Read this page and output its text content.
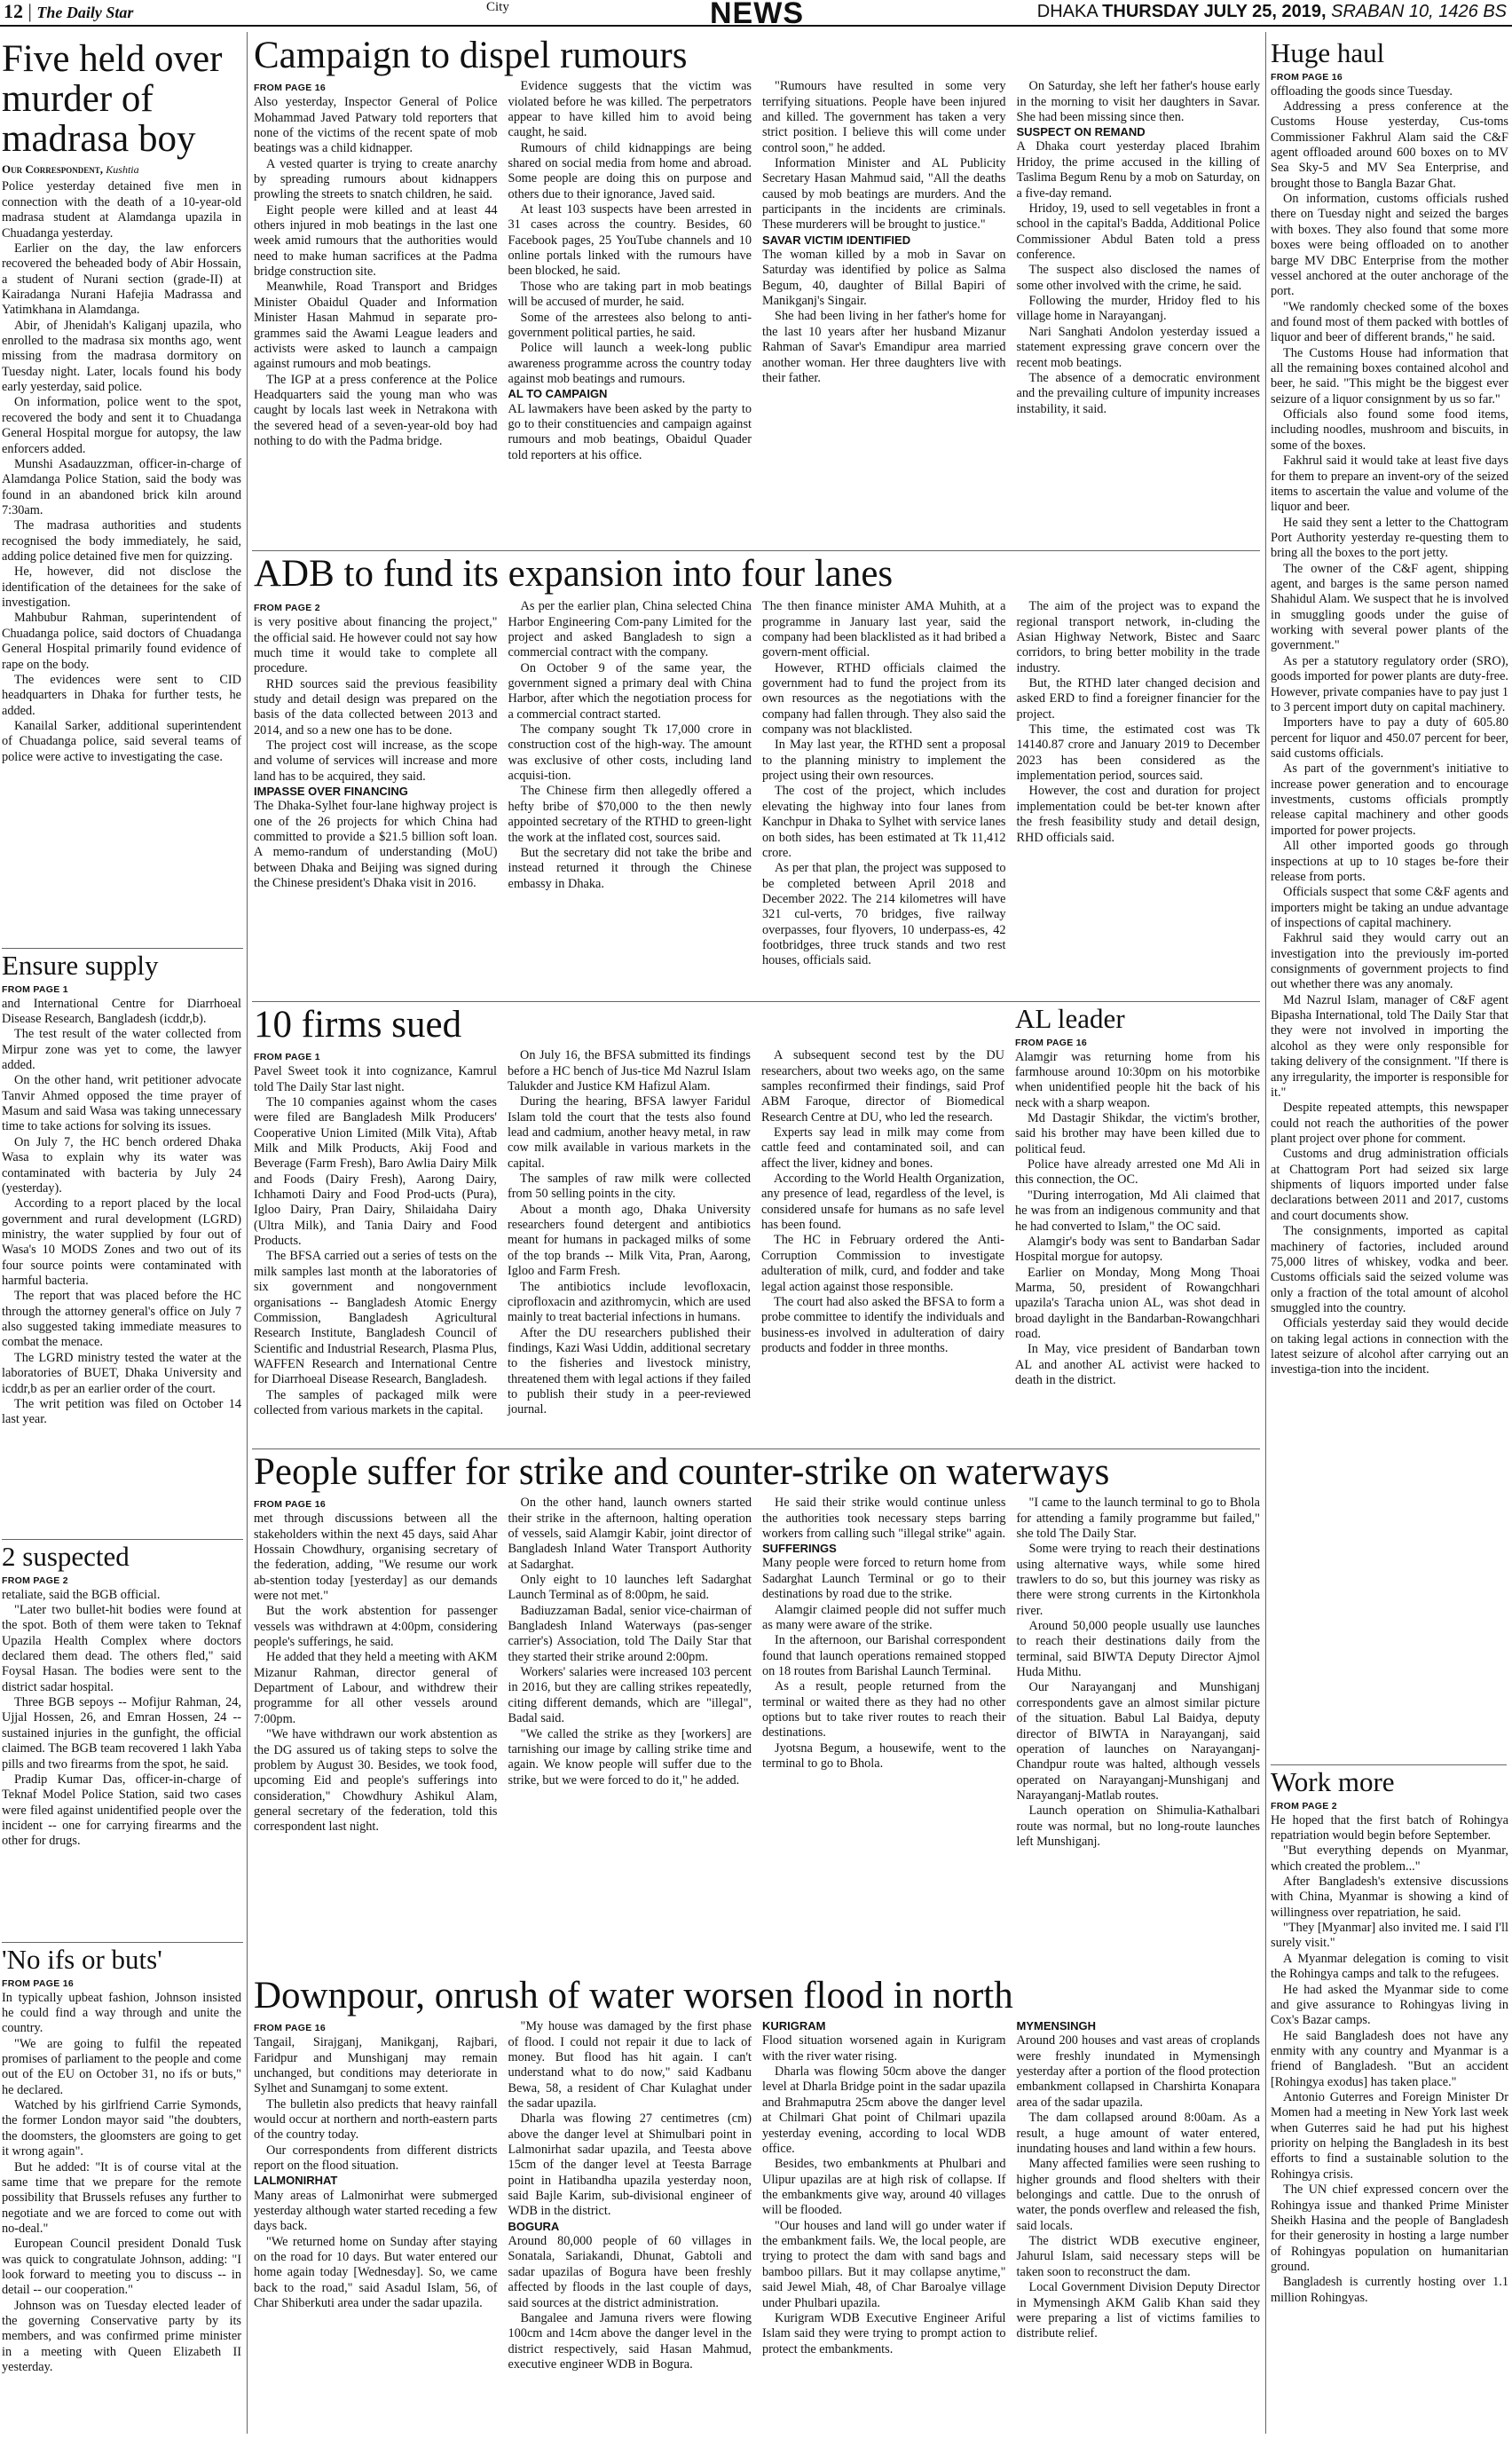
12 | The Daily Star	City	NEWS	DHAKA THURSDAY JULY 25, 2019, SRABAN 10, 1426 BS
Five held over murder of madrasa boy
Our Correspondent, Kushtia

Police yesterday detained five men in connection with the death of a 10-year-old madrasa student at Alamdanga upazila in Chuadanga yesterday.

Earlier on the day, the law enforcers recovered the beheaded body of Abir Hossain, a student of Nurani section (grade-II) at Kairadanga Nurani Hafejia Madrassa and Yatimkhana in Alamdanga.

Abir, of Jhenidah's Kaliganj upazila, who enrolled to the madrasa six months ago, went missing from the madrasa dormitory on Tuesday night. Later, locals found his body early yesterday, said police.

On information, police went to the spot, recovered the body and sent it to Chuadanga General Hospital morgue for autopsy, the law enforcers added.

Munshi Asadauzzman, officer-in-charge of Alamdanga Police Station, said the body was found in an abandoned brick kiln around 7:30am.

The madrasa authorities and students recognised the body immediately, he said, adding police detained five men for quizzing.

He, however, did not disclose the identification of the detainees for the sake of investigation.

Mahbubur Rahman, superintendent of Chuadanga police, said doctors of Chuadanga General Hospital primarily found evidence of rape on the body.

The evidences were sent to CID headquarters in Dhaka for further tests, he added.

Kanailal Sarker, additional superintendent of Chuadanga police, said several teams of police were active to investigating the case.

Ensure supply
FROM PAGE 1

and International Centre for Diarrhoeal Disease Research, Bangladesh (icddr,b).

The test result of the water collected from Mirpur zone was yet to come, the lawyer added.

On the other hand, writ petitioner advocate Tanvir Ahmed opposed the time prayer of Masum and said Wasa was taking unnecessary time to take actions for solving its issues.

On July 7, the HC bench ordered Dhaka Wasa to explain why its water was contaminated with bacteria by July 24 (yesterday).

According to a report placed by the local government and rural development (LGRD) ministry, the water supplied by four out of Wasa's 10 MODS Zones and two out of its four source points were contaminated with harmful bacteria.

The report that was placed before the HC through the attorney general's office on July 7 also suggested taking immediate measures to combat the menace.

The LGRD ministry tested the water at the laboratories of BUET, Dhaka University and icddr,b as per an earlier order of the court.

The writ petition was filed on October 14 last year.

2 suspected
FROM PAGE 2

retaliate, said the BGB official.

"Later two bullet-hit bodies were found at the spot. Both of them were taken to Teknaf Upazila Health Complex where doctors declared them dead. The others fled," said Foysal Hasan. The bodies were sent to the district sadar hospital.

Three BGB sepoys -- Mofijur Rahman, 24, Ujjal Hossen, 26, and Emran Hossen, 24 -- sustained injuries in the gunfight, the official claimed. The BGB team recovered 1 lakh Yaba pills and two firearms from the spot, he said.

Pradip Kumar Das, officer-in-charge of Teknaf Model Police Station, said two cases were filed against unidentified people over the incident -- one for carrying firearms and the other for drugs.

'No ifs or buts'
FROM PAGE 16

In typically upbeat fashion, Johnson insisted he could find a way through and unite the country.

"We are going to fulfil the repeated promises of parliament to the people and come out of the EU on October 31, no ifs or buts," he declared.

Watched by his girlfriend Carrie Symonds, the former London mayor said "the doubters, the doomsters, the gloomsters are going to get it wrong again".

But he added: "It is of course vital at the same time that we prepare for the remote possibility that Brussels refuses any further to negotiate and we are forced to come out with no-deal."

European Council president Donald Tusk was quick to congratulate Johnson, adding: "I look forward to meeting you to discuss -- in detail -- our cooperation."

Johnson was on Tuesday elected leader of the governing Conservative party by its members, and was confirmed prime minister in a meeting with Queen Elizabeth II yesterday.

Campaign to dispel rumours
FROM PAGE 16

Also yesterday, Inspector General of Police Mohammad Javed Patwary told reporters that none of the victims of the recent spate of mob beatings was a child kidnapper.

A vested quarter is trying to create anarchy by spreading rumours about kidnappers prowling the streets to snatch children, he said.

Eight people were killed and at least 44 others injured in mob beatings in the last one week amid rumours that the authorities would need to make human sacrifices at the Padma bridge construction site.

Meanwhile, Road Transport and Bridges Minister Obaidul Quader and Information Minister Hasan Mahmud in separate pro-grammes said the Awami League leaders and activists were asked to launch a campaign against rumours and mob beatings.

The IGP at a press conference at the Police Headquarters said the young man who was caught by locals last week in Netrakona with the severed head of a seven-year-old boy had nothing to do with the Padma bridge.

Evidence suggests that the victim was violated before he was killed. The perpetrators appear to have killed him to avoid being caught, he said.

Rumours of child kidnappings are being shared on social media from home and abroad. Some people are doing this on purpose and others due to their ignorance, Javed said.

At least 103 suspects have been arrested in 31 cases across the country. Besides, 60 Facebook pages, 25 YouTube channels and 10 online portals linked with the rumours have been blocked, he said.

Those who are taking part in mob beatings will be accused of murder, he said.

Some of the arrestees also belong to anti-government political parties, he said.

Police will launch a week-long public awareness programme across the country today against mob beatings and rumours.

AL TO CAMPAIGN

AL lawmakers have been asked by the party to go to their constituencies and campaign against rumours and mob beatings, Obaidul Quader told reporters at his office.

"Rumours have resulted in some very terrifying situations. People have been injured and killed. The government has taken a very strict position. I believe this will come under control soon," he added.

Information Minister and AL Publicity Secretary Hasan Mahmud said, "All the deaths caused by mob beatings are murders. And the participants in the incidents are criminals. These murderers will be brought to justice."

SAVAR VICTIM IDENTIFIED

The woman killed by a mob in Savar on Saturday was identified by police as Salma Begum, 40, daughter of Billal Bapiri of Manikganj's Singair.

She had been living in her father's home for the last 10 years after her husband Mizanur Rahman of Savar's Emandipur area married another woman. Her three daughters live with their father.

On Saturday, she left her father's house early in the morning to visit her daughters in Savar. She had been missing since then.

SUSPECT ON REMAND

A Dhaka court yesterday placed Ibrahim Hridoy, the prime accused in the killing of Taslima Begum Renu by a mob on Saturday, on a five-day remand.

Hridoy, 19, used to sell vegetables in front a school in the capital's Badda, Additional Police Commissioner Abdul Baten told a press conference.

The suspect also disclosed the names of some other involved with the crime, he said.

Following the murder, Hridoy fled to his village home in Narayanganj.

Nari Sanghati Andolon yesterday issued a statement expressing grave concern over the recent mob beatings.

The absence of a democratic environment and the prevailing culture of impunity increases instability, it said.

ADB to fund its expansion into four lanes
FROM PAGE 2

is very positive about financing the project," the official said. He however could not say how much time it would take to complete all procedure.

RHD sources said the previous feasibility study and detail design was prepared on the basis of the data collected between 2013 and 2014, and so a new one has to be done.

The project cost will increase, as the scope and volume of services will increase and more land has to be acquired, they said.

IMPASSE OVER FINANCING

The Dhaka-Sylhet four-lane highway project is one of the 26 projects for which China had committed to provide a $21.5 billion soft loan. A memo-randum of understanding (MoU) between Dhaka and Beijing was signed during the Chinese president's Dhaka visit in 2016.

As per the earlier plan, China selected China Harbor Engineering Com-pany Limited for the project and asked Bangladesh to sign a commercial contract with the company.

On October 9 of the same year, the government signed a primary deal with China Harbor, after which the negotiation process for a commercial contract started.

The company sought Tk 17,000 crore in construction cost of the high-way. The amount was exclusive of other costs, including land acquisi-tion.

The Chinese firm then allegedly offered a hefty bribe of $70,000 to the then newly appointed secretary of the RTHD to green-light the work at the inflated cost, sources said.

But the secretary did not take the bribe and instead returned it through the Chinese embassy in Dhaka.

The then finance minister AMA Muhith, at a programme in January last year, said the company had been blacklisted as it had bribed a govern-ment official.

However, RTHD officials claimed the government had to fund the project from its own resources as the negotiations with the company had fallen through. They also said the company was not blacklisted.

In May last year, the RTHD sent a proposal to the planning ministry to implement the project using their own resources.

The cost of the project, which includes elevating the highway into four lanes from Kanchpur in Dhaka to Sylhet with service lanes on both sides, has been estimated at Tk 11,412 crore.

As per that plan, the project was supposed to be completed between April 2018 and December 2022. The 214 kilometres will have 321 cul-verts, 70 bridges, five railway overpasses, four flyovers, 10 underpass-es, 42 footbridges, three truck stands and two rest houses, officials said.

The aim of the project was to expand the regional transport network, in-cluding the Asian Highway Network, Bistec and Saarc corridors, to bring better mobility in the trade industry.

But, the RTHD later changed decision and asked ERD to find a foreigner financier for the project.

This time, the estimated cost was Tk 14140.87 crore and January 2019 to December 2023 has been considered as the implementation period, sources said.

However, the cost and duration for project implementation could be bet-ter known after the fresh feasibility study and detail design, RHD officials said.

10 firms sued
FROM PAGE 1

Pavel Sweet took it into cognizance, Kamrul told The Daily Star last night.

The 10 companies against whom the cases were filed are Bangladesh Milk Producers' Cooperative Union Limited (Milk Vita), Aftab Milk and Milk Products, Akij Food and Beverage (Farm Fresh), Baro Awlia Dairy Milk and Foods (Dairy Fresh), Aarong Dairy, Ichhamoti Dairy and Food Prod-ucts (Pura), Igloo Dairy, Pran Dairy, Shilaidaha Dairy (Ultra Milk), and Tania Dairy and Food Products.

The BFSA carried out a series of tests on the milk samples last month at the laboratories of six government and nongovernment organisations -- Bangladesh Atomic Energy Commission, Bangladesh Agricultural Research Institute, Bangladesh Council of Scientific and Industrial Research, Plasma Plus, WAFFEN Research and International Centre for Diarrhoeal Disease Research, Bangladesh.

The samples of packaged milk were collected from various markets in the capital.

On July 16, the BFSA submitted its findings before a HC bench of Jus-tice Md Nazrul Islam Talukder and Justice KM Hafizul Alam.

During the hearing, BFSA lawyer Faridul Islam told the court that the tests also found lead and cadmium, another heavy metal, in raw cow milk available in various markets in the capital.

The samples of raw milk were collected from 50 selling points in the city.

About a month ago, Dhaka University researchers found detergent and antibiotics meant for humans in packaged milks of some of the top brands -- Milk Vita, Pran, Aarong, Igloo and Farm Fresh.

The antibiotics include levofloxacin, ciprofloxacin and azithromycin, which are used mainly to treat bacterial infections in humans.

After the DU researchers published their findings, Kazi Wasi Uddin, additional secretary to the fisheries and livestock ministry, threatened them with legal actions if they failed to publish their study in a peer-reviewed journal.

A subsequent second test by the DU researchers, about two weeks ago, on the same samples reconfirmed their findings, said Prof ABM Faroque, director of Biomedical Research Centre at DU, who led the research.

Experts say lead in milk may come from cattle feed and contaminated soil, and can affect the liver, kidney and bones.

According to the World Health Organization, any presence of lead, regardless of the level, is considered unsafe for humans as no safe level has been found.

The HC in February ordered the Anti-Corruption Commission to investigate adulteration of milk, curd, and fodder and take legal action against those responsible.

The court had also asked the BFSA to form a probe committee to identify the individuals and business-es involved in adulteration of dairy products and fodder in three months.

AL leader
FROM PAGE 16

Alamgir was returning home from his farmhouse around 10:30pm on his motorbike when unidentified people hit the back of his neck with a sharp weapon.

Md Dastagir Shikdar, the victim's brother, said his brother may have been killed due to political feud.

Police have already arrested one Md Ali in this connection, the OC.

"During interrogation, Md Ali claimed that he was from an indigenous community and that he had converted to Islam," the OC said.

Alamgir's body was sent to Bandarban Sadar Hospital morgue for autopsy.

Earlier on Monday, Mong Mong Thoai Marma, 50, president of Rowangchhari upazila's Taracha union AL, was shot dead in broad daylight in the Bandarban-Rowangchhari road.

In May, vice president of Bandarban town AL and another AL activist were hacked to death in the district.

People suffer for strike and counter-strike on waterways
FROM PAGE 16

met through discussions between all the stakeholders within the next 45 days, said Ahar Hossain Chowdhury, organising secretary of the federation, adding, "We resume our work ab-stention today [yesterday] as our demands were not met."

But the work abstention for passenger vessels was withdrawn at 4:00pm, considering people's sufferings, he said.

He added that they held a meeting with AKM Mizanur Rahman, director general of Department of Labour, and withdrew their programme for all other vessels around 7:00pm.

"We have withdrawn our work abstention as the DG assured us of taking steps to solve the problem by August 30. Besides, we took food, upcoming Eid and people's sufferings into consideration," Chowdhury Ashikul Alam, general secretary of the federation, told this correspondent last night.

On the other hand, launch owners started their strike in the afternoon, halting operation of vessels, said Alamgir Kabir, joint director of Bangladesh Inland Water Transport Authority at Sadarghat.

Only eight to 10 launches left Sadarghat Launch Terminal as of 8:00pm, he said.

Badiuzzaman Badal, senior vice-chairman of Bangladesh Inland Waterways (pas-senger carrier's) Association, told The Daily Star that they started their strike around 2:00pm.

Workers' salaries were increased 103 percent in 2016, but they are calling strikes repeatedly, citing different demands, which are "illegal", Badal said.

"We called the strike as they [workers] are tarnishing our image by calling strike time and again. We know people will suffer due to the strike, but we were forced to do it," he added.

He said their strike would continue unless the authorities took necessary steps barring workers from calling such "illegal strike" again.

SUFFERINGS

Many people were forced to return home from Sadarghat Launch Terminal or go to their destinations by road due to the strike.

Alamgir claimed people did not suffer much as many were aware of the strike.

In the afternoon, our Barishal correspondent found that launch operations remained stopped on 18 routes from Barishal Launch Terminal.

As a result, people returned from the terminal or waited there as they had no other options but to take river routes to reach their destinations.

Jyotsna Begum, a housewife, went to the terminal to go to Bhola.

"I came to the launch terminal to go to Bhola for attending a family programme but failed," she told The Daily Star.

Some were trying to reach their destinations using alternative ways, while some hired trawlers to do so, but this journey was risky as there were strong currents in the Kirtonkhola river.

Around 50,000 people usually use launches to reach their destinations daily from the terminal, said BIWTA Deputy Director Ajmol Huda Mithu.

Our Narayanganj and Munshiganj correspondents gave an almost similar picture of the situation. Babul Lal Baidya, deputy director of BIWTA in Narayanganj, said operation of launches on Narayanganj-Chandpur route was halted, although vessels operated on Narayanganj-Munshiganj and Narayanganj-Matlab routes.

Launch operation on Shimulia-Kathalbari route was normal, but no long-route launches left Munshiganj.

Downpour, onrush of water worsen flood in north
FROM PAGE 16

Tangail, Sirajganj, Manikganj, Rajbari, Faridpur and Munshiganj may remain unchanged, but conditions may deteriorate in Sylhet and Sunamganj to some extent.

The bulletin also predicts that heavy rainfall would occur at northern and north-eastern parts of the country today.

Our correspondents from different districts report on the flood situation.

LALMONIRHAT

Many areas of Lalmonirhat were submerged yesterday although water started receding a few days back.

"We returned home on Sunday after staying on the road for 10 days. But water entered our home again today [Wednesday]. So, we came back to the road," said Asadul Islam, 56, of Char Shiberkuti area under the sadar upazila.

"My house was damaged by the first phase of flood. I could not repair it due to lack of money. But flood has hit again. I can't understand what to do now," said Kadbanu Bewa, 58, a resident of Char Kulaghat under the sadar upazila.

Dharla was flowing 27 centimetres (cm) above the danger level at Shimulbari point in Lalmonirhat sadar upazila, and Teesta above 15cm of the danger level at Teesta Barrage point in Hatibandha upazila yesterday noon, said Bajle Karim, sub-divisional engineer of WDB in the district.

BOGURA

Around 80,000 people of 60 villages in Sonatala, Sariakandi, Dhunat, Gabtoli and sadar upazilas of Bogura have been freshly affected by floods in the last couple of days, said sources at the district administration.

Bangalee and Jamuna rivers were flowing 100cm and 14cm above the danger level in the district respectively, said Hasan Mahmud, executive engineer WDB in Bogura.

KURIGRAM

Flood situation worsened again in Kurigram with the river water rising.

Dharla was flowing 50cm above the danger level at Dharla Bridge point in the sadar upazila and Brahmaputra 25cm above the danger level at Chilmari Ghat point of Chilmari upazila yesterday evening, according to local WDB office.

Besides, two embankments at Phulbari and Ulipur upazilas are at high risk of collapse. If the embankments give way, around 40 villages will be flooded.

"Our houses and land will go under water if the embankment fails. We, the local people, are trying to protect the dam with sand bags and bamboo pillars. But it may collapse anytime," said Jewel Miah, 48, of Char Baroalye village under Phulbari upazila.

Kurigram WDB Executive Engineer Ariful Islam said they were trying to prompt action to protect the embankments.

MYMENSINGH

Around 200 houses and vast areas of croplands were freshly inundated in Mymensingh yesterday after a portion of the flood protection embankment collapsed in Charshirta Konapara area of the sadar upazila.

The dam collapsed around 8:00am. As a result, a huge amount of water entered, inundating houses and land within a few hours.

Many affected families were seen rushing to higher grounds and flood shelters with their belongings and cattle. Due to the onrush of water, the ponds overflew and released the fish, said locals.

The district WDB executive engineer, Jahurul Islam, said necessary steps will be taken soon to reconstruct the dam.

Local Government Division Deputy Director in Mymensingh AKM Galib Khan said they were preparing a list of victims families to distribute relief.

Huge haul
FROM PAGE 16

offloading the goods since Tuesday.

Addressing a press conference at the Customs House yesterday, Cus-toms Commissioner Fakhrul Alam said the C&F agent offloaded around 600 boxes on to MV Sea Sky-5 and MV Sea Enterprise, and brought those to Bangla Bazar Ghat.

On information, customs officials rushed there on Tuesday night and seized the barges with boxes. They also found that some more boxes were being offloaded on to another barge MV DBC Enterprise from the mother vessel anchored at the outer anchorage of the port.

"We randomly checked some of the boxes and found most of them packed with bottles of liquor and beer of different brands," he said.

The Customs House had information that all the remaining boxes contained alcohol and beer, he said. "This might be the biggest ever seizure of a liquor consignment by us so far."

Officials also found some food items, including noodles, mushroom and biscuits, in some of the boxes.

Fakhrul said it would take at least five days for them to prepare an invent-ory of the seized items to ascertain the value and volume of the liquor and beer.

He said they sent a letter to the Chattogram Port Authority yesterday re-questing them to bring all the boxes to the port jetty.

The owner of the C&F agent, shipping agent, and barges is the same person named Shahidul Alam. We suspect that he is involved in smuggling goods under the guise of working with several power plants of the government."

As per a statutory regulatory order (SRO), goods imported for power plants are duty-free. However, private companies have to pay just 1 to 3 percent import duty on capital machinery.

Importers have to pay a duty of 605.80 percent for liquor and 450.07 percent for beer, said customs officials.

As part of the government's initiative to increase power generation and to encourage investments, customs officials promptly release capital machinery and other goods imported for power projects.

All other imported goods go through inspections at up to 10 stages be-fore their release from ports.

Officials suspect that some C&F agents and importers might be taking an undue advantage of inspections of capital machinery.

Fakhrul said they would carry out an investigation into the previously im-ported consignments of government projects to find out whether there was any anomaly.

Md Nazrul Islam, manager of C&F agent Bipasha International, told The Daily Star that they were not involved in importing the alcohol as they were only responsible for taking delivery of the consignment. "If there is any irregularity, the importer is responsible for it."

Despite repeated attempts, this newspaper could not reach the authorities of the power plant project over phone for comment.

Customs and drug administration officials at Chattogram Port had seized six large shipments of liquors imported under false declarations between 2011 and 2017, customs and court documents show.

The consignments, imported as capital machinery of factories, included around 75,000 litres of whiskey, vodka and beer. Customs officials said the seized volume was only a fraction of the total amount of alcohol smuggled into the country.

Officials yesterday said they would decide on taking legal actions in connection with the latest seizure of alcohol after carrying out an investiga-tion into the incident.

Work more
FROM PAGE 2

He hoped that the first batch of Rohingya repatriation would begin before September.

"But everything depends on Myanmar, which created the problem..."

After Bangladesh's extensive discussions with China, Myanmar is showing a kind of willingness over repatriation, he said.

"They [Myanmar] also invited me. I said I'll surely visit."

A Myanmar delegation is coming to visit the Rohingya camps and talk to the refugees.

He had asked the Myanmar side to come and give assurance to Rohingyas living in Cox's Bazar camps.

He said Bangladesh does not have any enmity with any country and Myanmar is a friend of Bangladesh. "But an accident [Rohingya exodus] has taken place."

Antonio Guterres and Foreign Minister Dr Momen had a meeting in New York last week when Guterres said he had put his highest priority on helping the Bangladesh in its best efforts to find a sustainable solution to the Rohingya crisis.

The UN chief expressed concern over the Rohingya issue and thanked Prime Minister Sheikh Hasina and the people of Bangladesh for their generosity in hosting a large number of Rohingyas population on humanitarian ground.

Bangladesh is currently hosting over 1.1 million Rohingyas.
